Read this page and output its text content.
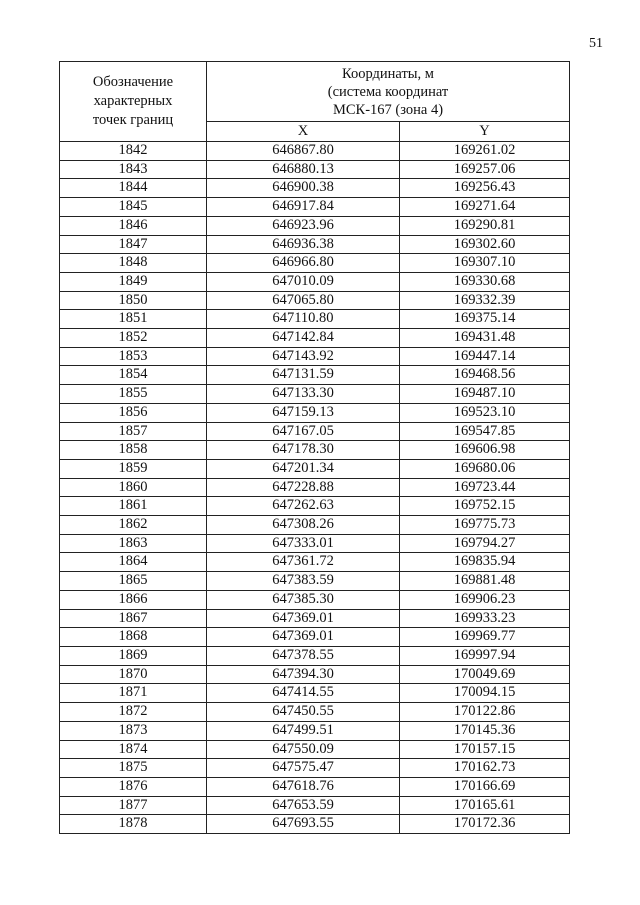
51
Обозначение
характерных
точек границ	Координаты, м
(система координат
МСК-167 (зона 4)	

	X	Y
1842	646867.80	169261.02
1843	646880.13	169257.06
1844	646900.38	169256.43
1845	646917.84	169271.64
1846	646923.96	169290.81
1847	646936.38	169302.60
1848	646966.80	169307.10
1849	647010.09	169330.68
1850	647065.80	169332.39
1851	647110.80	169375.14
1852	647142.84	169431.48
1853	647143.92	169447.14
1854	647131.59	169468.56
1855	647133.30	169487.10
1856	647159.13	169523.10
1857	647167.05	169547.85
1858	647178.30	169606.98
1859	647201.34	169680.06
1860	647228.88	169723.44
1861	647262.63	169752.15
1862	647308.26	169775.73
1863	647333.01	169794.27
1864	647361.72	169835.94
1865	647383.59	169881.48
1866	647385.30	169906.23
1867	647369.01	169933.23
1868	647369.01	169969.77
1869	647378.55	169997.94
1870	647394.30	170049.69
1871	647414.55	170094.15
1872	647450.55	170122.86
1873	647499.51	170145.36
1874	647550.09	170157.15
1875	647575.47	170162.73
1876	647618.76	170166.69
1877	647653.59	170165.61
1878	647693.55	170172.36
